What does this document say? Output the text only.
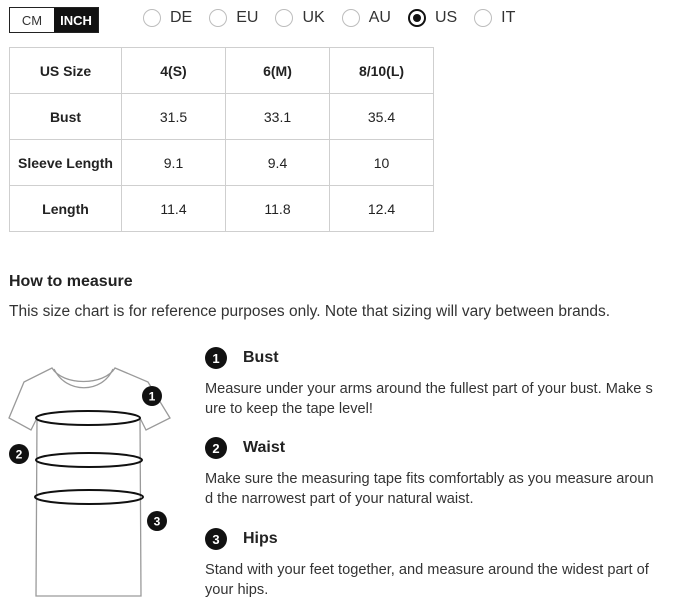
CM	INCH	DE	EU	UK	AU	US	IT
US Size	4(S)	6(M)	8/10(L)
Bust	31.5	33.1	35.4
Sleeve Length	9.1	9.4	10
Length	11.4	11.8	12.4
How to measure
This size chart is for reference purposes only. Note that sizing will vary between brands.
1
2
3
1	Bust
Measure under your arms around the fullest part of your bust. Make s
ure to keep the tape level!
2	Waist
Make sure the measuring tape fits comfortably as you measure aroun
d the narrowest part of your natural waist.
3	Hips
Stand with your feet together, and measure around the widest part of
your hips.
